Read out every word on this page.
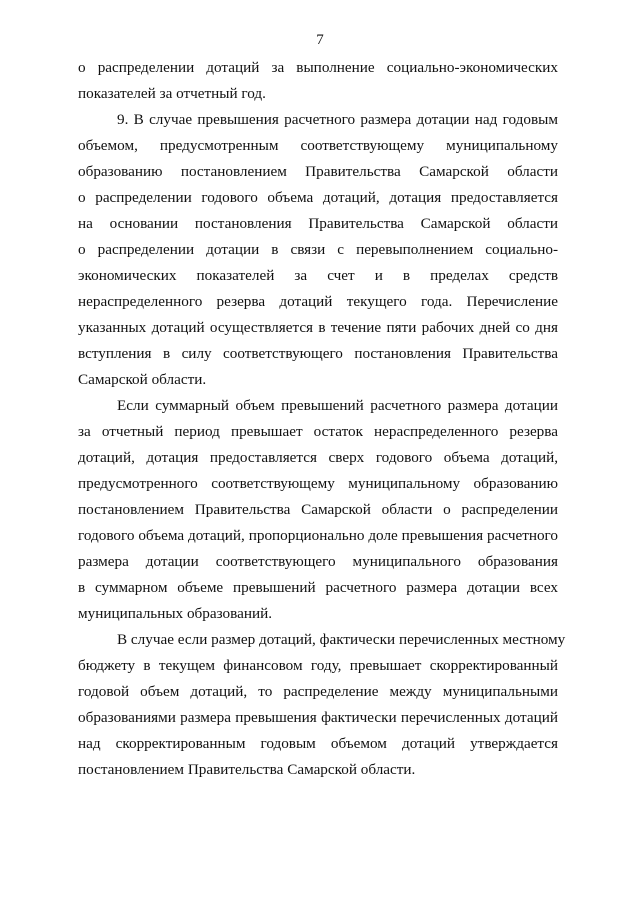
7
о распределении дотаций за выполнение социально-экономических
показателей за отчетный год.
9. В случае превышения расчетного размера дотации над годовым
объемом, предусмотренным соответствующему муниципальному
образованию постановлением Правительства Самарской области
о распределении годового объема дотаций, дотация предоставляется
на основании постановления Правительства Самарской области
о распределении дотации в связи с перевыполнением социально-
экономических показателей за счет и в пределах средств
нераспределенного резерва дотаций текущего года. Перечисление
указанных дотаций осуществляется в течение пяти рабочих дней со дня
вступления в силу соответствующего постановления Правительства
Самарской области.
Если суммарный объем превышений расчетного размера дотации
за отчетный период превышает остаток нераспределенного резерва
дотаций, дотация предоставляется сверх годового объема дотаций,
предусмотренного соответствующему муниципальному образованию
постановлением Правительства Самарской области о распределении
годового объема дотаций, пропорционально доле превышения расчетного
размера дотации соответствующего муниципального образования
в суммарном объеме превышений расчетного размера дотации всех
муниципальных образований.
В случае если размер дотаций, фактически перечисленных местному
бюджету в текущем финансовом году, превышает скорректированный
годовой объем дотаций, то распределение между муниципальными
образованиями размера превышения фактически перечисленных дотаций
над скорректированным годовым объемом дотаций утверждается
постановлением Правительства Самарской области.
